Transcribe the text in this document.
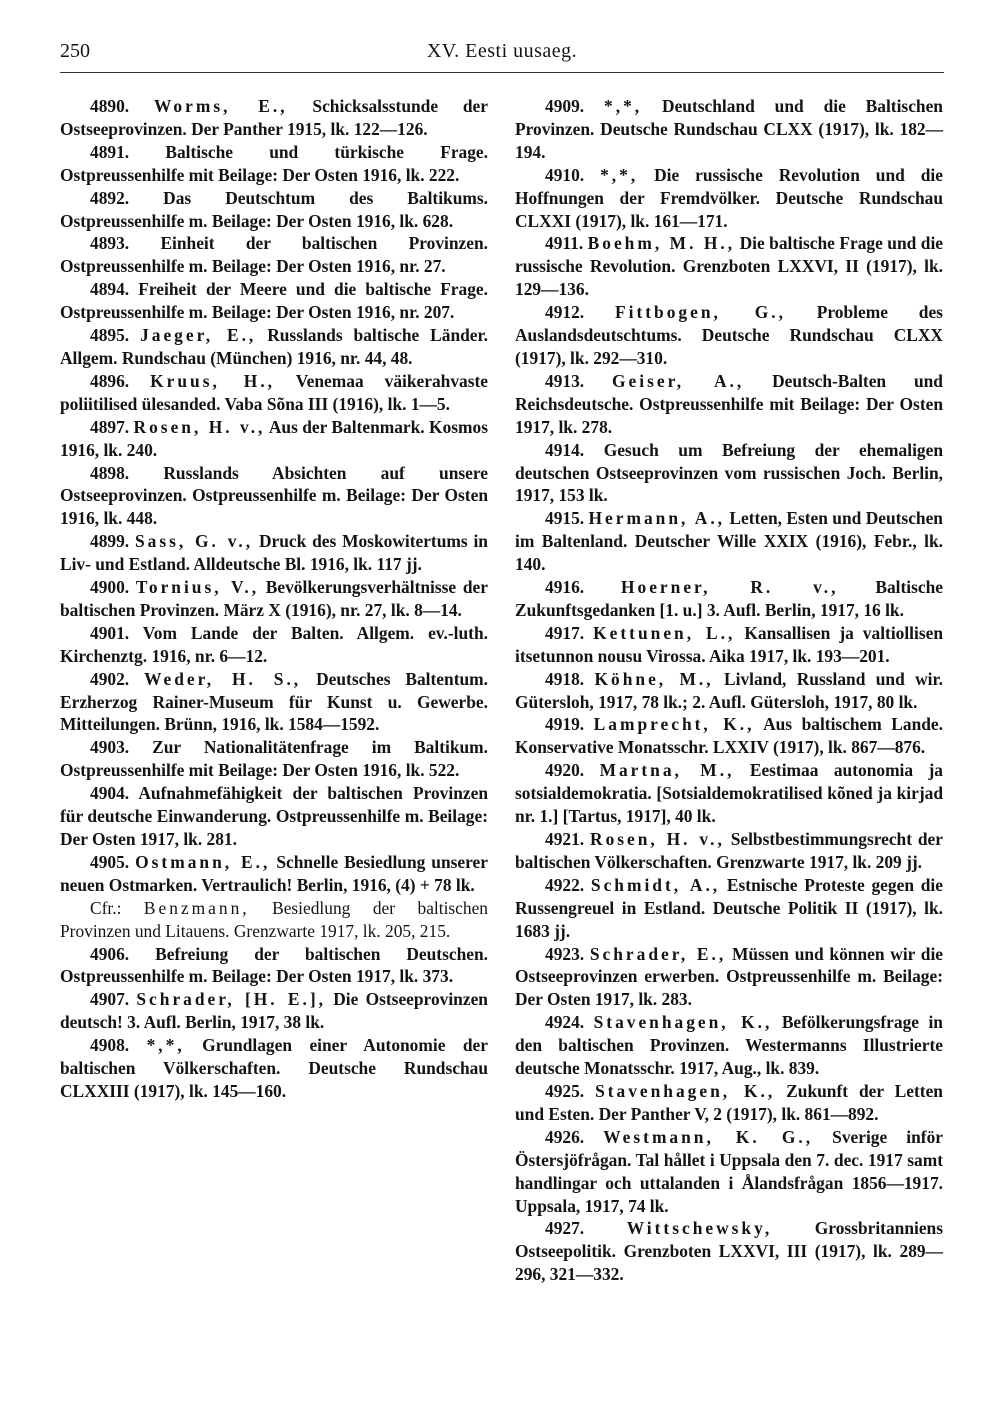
250	XV. Eesti uusaeg.

4890. Worms, E., Schicksalsstunde der Ostseeprovinzen. Der Panther 1915, lk. 122—126.

4891. Baltische und türkische Frage. Ostpreussenhilfe mit Beilage: Der Osten 1916, lk. 222.

4892. Das Deutschtum des Baltikums. Ostpreussenhilfe m. Beilage: Der Osten 1916, lk. 628.

4893. Einheit der baltischen Provinzen. Ostpreussenhilfe m. Beilage: Der Osten 1916, nr. 27.

4894. Freiheit der Meere und die baltische Frage. Ostpreussenhilfe m. Beilage: Der Osten 1916, nr. 207.

4895. Jaeger, E., Russlands baltische Länder. Allgem. Rundschau (München) 1916, nr. 44, 48.

4896. Kruus, H., Venemaa väikerahvaste poliitilised ülesanded. Vaba Sõna III (1916), lk. 1—5.

4897. Rosen, H. v., Aus der Baltenmark. Kosmos 1916, lk. 240.

4898. Russlands Absichten auf unsere Ostseeprovinzen. Ostpreussenhilfe m. Beilage: Der Osten 1916, lk. 448.

4899. Sass, G. v., Druck des Moskowitertums in Liv- und Estland. Alldeutsche Bl. 1916, lk. 117 jj.

4900. Tornius, V., Bevölkerungsverhältnisse der baltischen Provinzen. März X (1916), nr. 27, lk. 8—14.

4901. Vom Lande der Balten. Allgem. ev.-luth. Kirchenztg. 1916, nr. 6—12.

4902. Weder, H. S., Deutsches Baltentum. Erzherzog Rainer-Museum für Kunst u. Gewerbe. Mitteilungen. Brünn, 1916, lk. 1584—1592.

4903. Zur Nationalitätenfrage im Baltikum. Ostpreussenhilfe mit Beilage: Der Osten 1916, lk. 522.

4904. Aufnahmefähigkeit der baltischen Provinzen für deutsche Einwanderung. Ostpreussenhilfe m. Beilage: Der Osten 1917, lk. 281.

4905. Ostmann, E., Schnelle Besiedlung unserer neuen Ostmarken. Vertraulich! Berlin, 1916, (4) + 78 lk.

Cfr.: Benzmann, Besiedlung der baltischen Provinzen und Litauens. Grenzwarte 1917, lk. 205, 215.

4906. Befreiung der baltischen Deutschen. Ostpreussenhilfe m. Beilage: Der Osten 1917, lk. 373.

4907. Schrader, [H. E.], Die Ostseeprovinzen deutsch! 3. Aufl. Berlin, 1917, 38 lk.

4908. *,*, Grundlagen einer Autonomie der baltischen Völkerschaften. Deutsche Rundschau CLXXIII (1917), lk. 145—160.

4909. *,*, Deutschland und die Baltischen Provinzen. Deutsche Rundschau CLXX (1917), lk. 182—194.

4910. *,*, Die russische Revolution und die Hoffnungen der Fremdvölker. Deutsche Rundschau CLXXI (1917), lk. 161—171.

4911. Boehm, M. H., Die baltische Frage und die russische Revolution. Grenzboten LXXVI, II (1917), lk. 129—136.

4912. Fittbogen, G., Probleme des Auslandsdeutschtums. Deutsche Rundschau CLXX (1917), lk. 292—310.

4913. Geiser, A., Deutsch-Balten und Reichsdeutsche. Ostpreussenhilfe mit Beilage: Der Osten 1917, lk. 278.

4914. Gesuch um Befreiung der ehemaligen deutschen Ostseeprovinzen vom russischen Joch. Berlin, 1917, 153 lk.

4915. Hermann, A., Letten, Esten und Deutschen im Baltenland. Deutscher Wille XXIX (1916), Febr., lk. 140.

4916. Hoerner, R. v., Baltische Zukunftsgedanken [1. u.] 3. Aufl. Berlin, 1917, 16 lk.

4917. Kettunen, L., Kansallisen ja valtiollisen itsetunnon nousu Virossa. Aika 1917, lk. 193—201.

4918. Köhne, M., Livland, Russland und wir. Gütersloh, 1917, 78 lk.; 2. Aufl. Gütersloh, 1917, 80 lk.

4919. Lamprecht, K., Aus baltischem Lande. Konservative Monatsschr. LXXIV (1917), lk. 867—876.

4920. Martna, M., Eestimaa autonomia ja sotsialdemokratia. [Sotsialdemokratilised kõned ja kirjad nr. 1.] [Tartus, 1917], 40 lk.

4921. Rosen, H. v., Selbstbestimmungsrecht der baltischen Völkerschaften. Grenzwarte 1917, lk. 209 jj.

4922. Schmidt, A., Estnische Proteste gegen die Russengreuel in Estland. Deutsche Politik II (1917), lk. 1683 jj.

4923. Schrader, E., Müssen und können wir die Ostseeprovinzen erwerben. Ostpreussenhilfe m. Beilage: Der Osten 1917, lk. 283.

4924. Stavenhagen, K., Befölkerungsfrage in den baltischen Provinzen. Westermanns Illustrierte deutsche Monatsschr. 1917, Aug., lk. 839.

4925. Stavenhagen, K., Zukunft der Letten und Esten. Der Panther V, 2 (1917), lk. 861—892.

4926. Westmann, K. G., Sverige inför Östersjöfrågan. Tal hållet i Uppsala den 7. dec. 1917 samt handlingar och uttalanden i Ålandsfrågan 1856—1917. Uppsala, 1917, 74 lk.

4927. Wittschewsky, Grossbritanniens Ostseepolitik. Grenzboten LXXVI, III (1917), lk. 289—296, 321—332.
